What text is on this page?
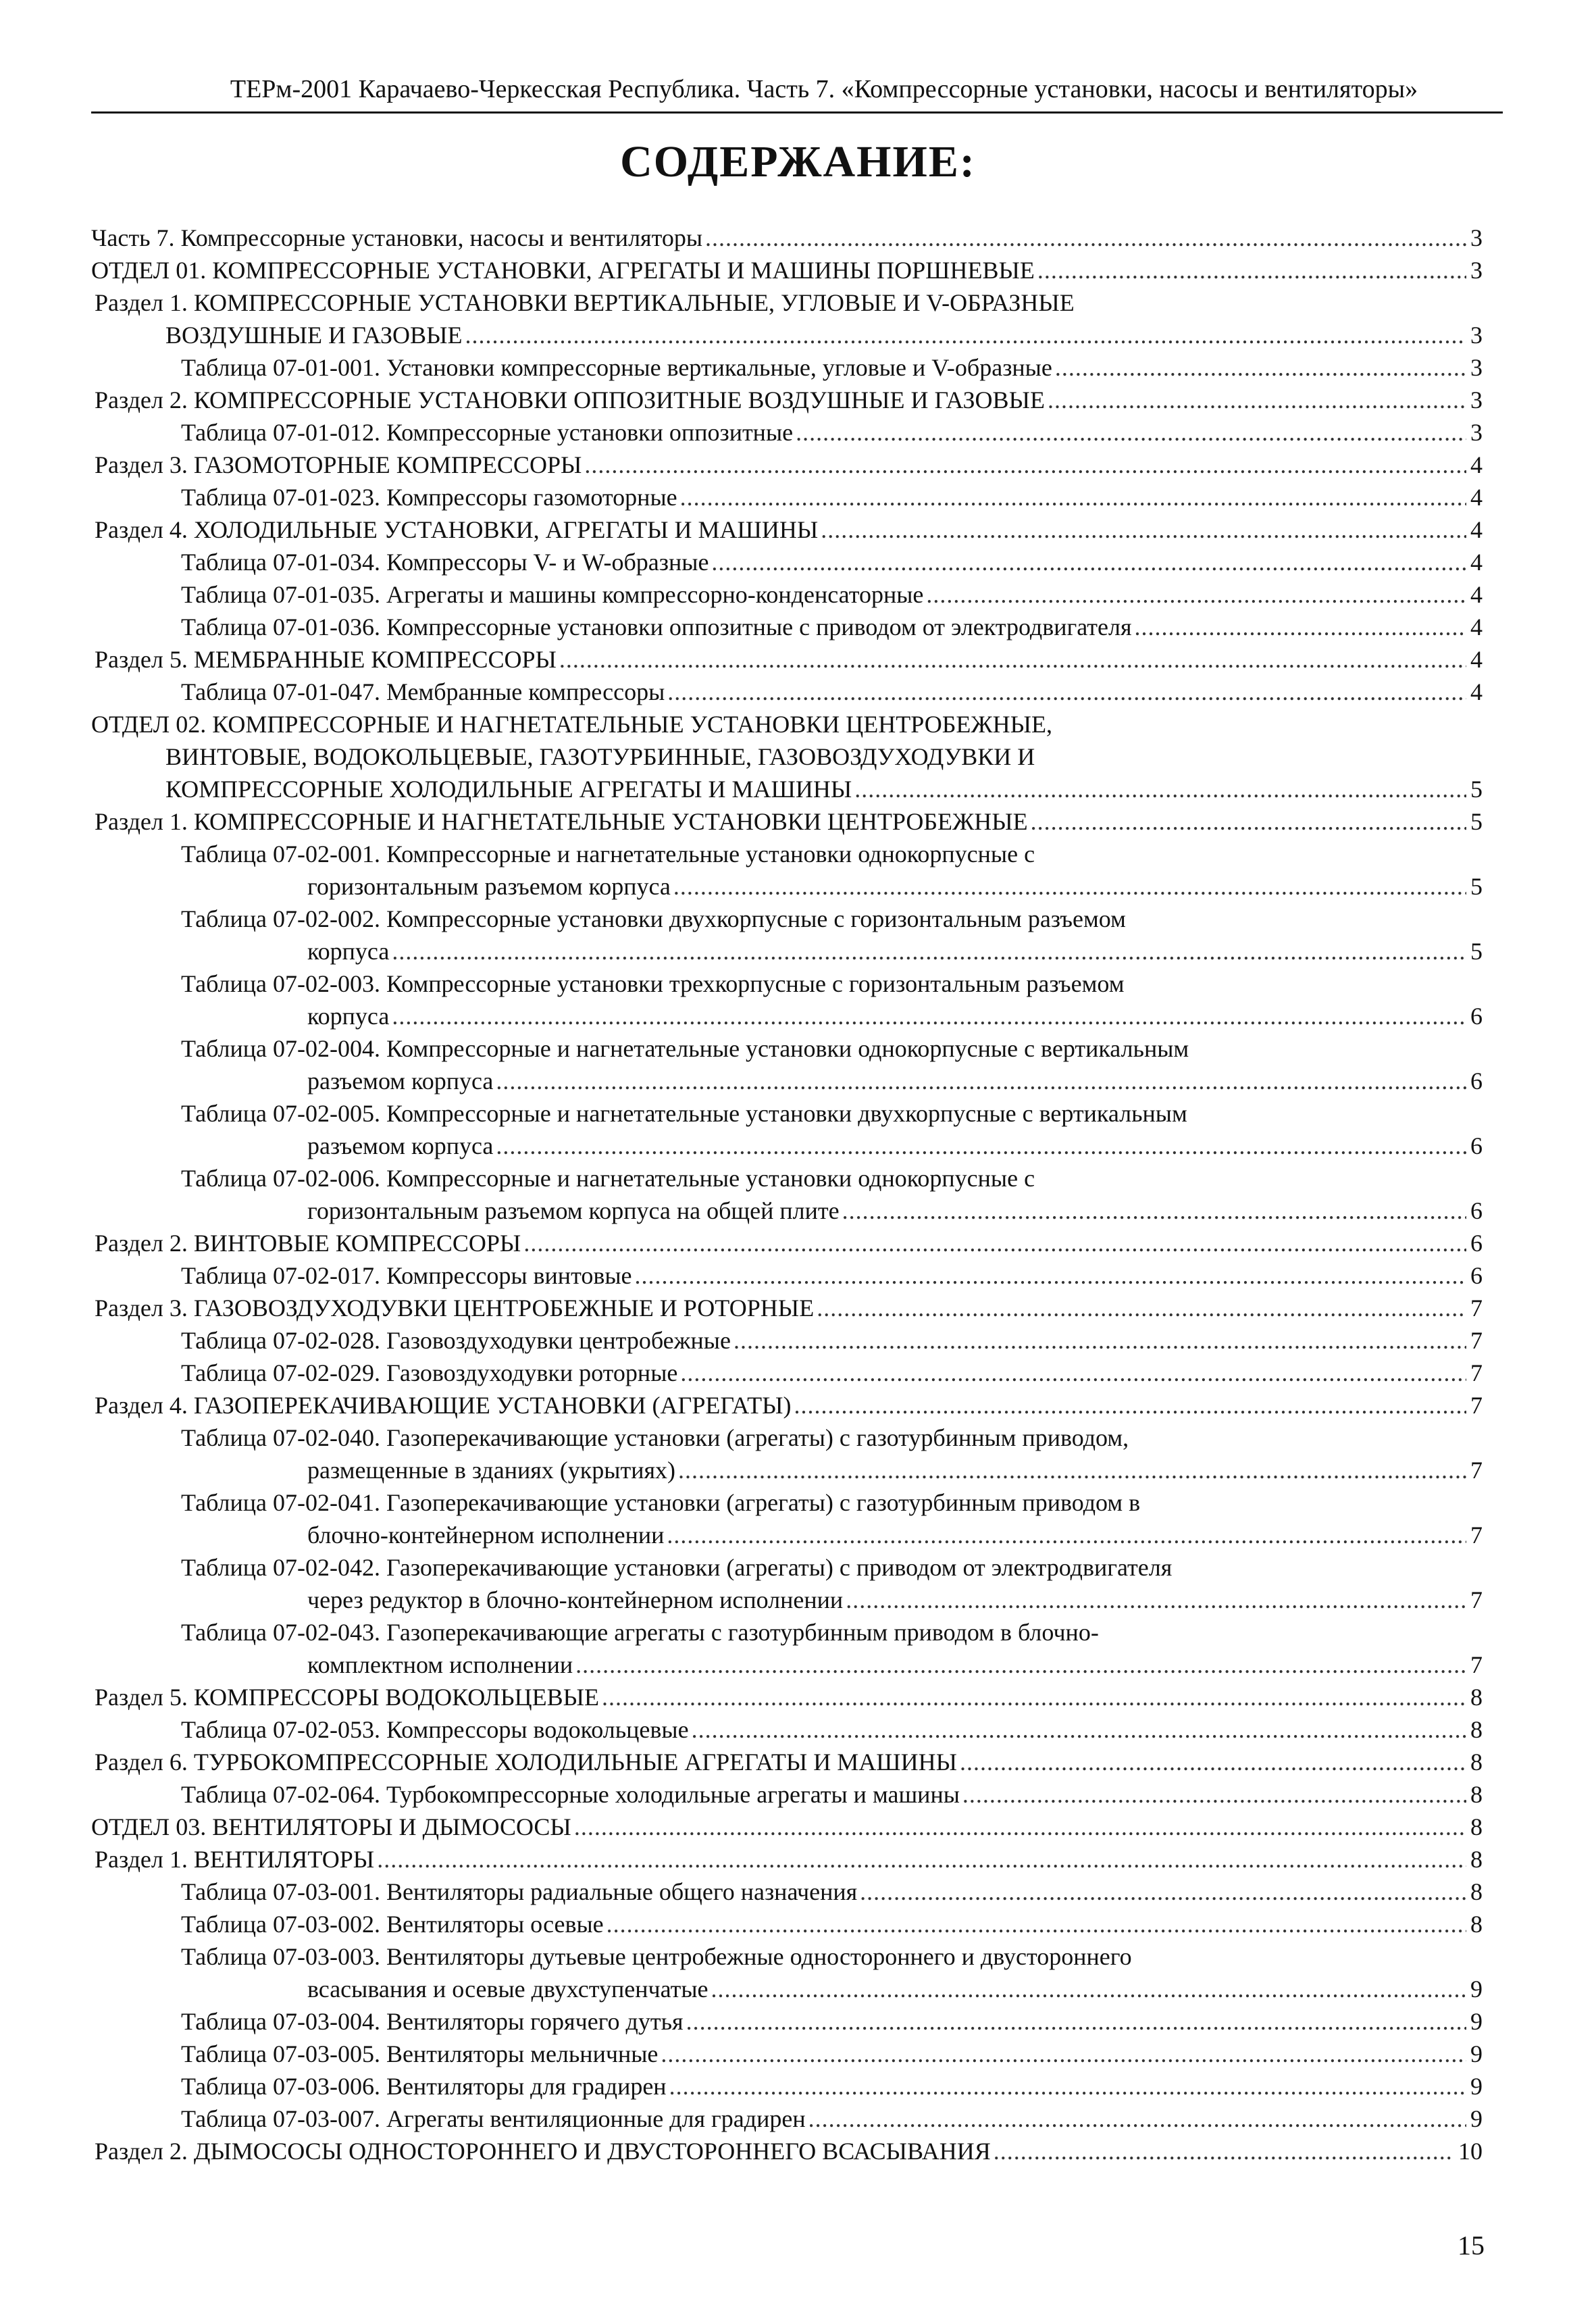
ТЕРм-2001 Карачаево-Черкесская Республика. Часть 7. «Компрессорные установки, насосы и вентиляторы»
СОДЕРЖАНИЕ:
Часть 7. Компрессорные установки, насосы и вентиляторы . . .	3
ОТДЕЛ 01. КОМПРЕССОРНЫЕ УСТАНОВКИ, АГРЕГАТЫ И МАШИНЫ ПОРШНЕВЫЕ . . .	3
Раздел 1. КОМПРЕССОРНЫЕ УСТАНОВКИ ВЕРТИКАЛЬНЫЕ, УГЛОВЫЕ И V-ОБРАЗНЫЕ
ВОЗДУШНЫЕ И ГАЗОВЫЕ . . .	3
Таблица 07-01-001. Установки компрессорные вертикальные, угловые и V-образные . . .	3
Раздел 2. КОМПРЕССОРНЫЕ УСТАНОВКИ ОППОЗИТНЫЕ ВОЗДУШНЫЕ И ГАЗОВЫЕ . . .	3
Таблица 07-01-012. Компрессорные установки оппозитные . . .	3
Раздел 3. ГАЗОМОТОРНЫЕ КОМПРЕССОРЫ . . .	4
Таблица 07-01-023. Компрессоры газомоторные . . .	4
Раздел 4. ХОЛОДИЛЬНЫЕ УСТАНОВКИ, АГРЕГАТЫ И МАШИНЫ . . .	4
Таблица 07-01-034. Компрессоры V- и W-образные . . .	4
Таблица 07-01-035. Агрегаты и машины компрессорно-конденсаторные . . .	4
Таблица 07-01-036. Компрессорные установки оппозитные с приводом от электродвигателя . . .	4
Раздел 5. МЕМБРАННЫЕ КОМПРЕССОРЫ . . .	4
Таблица 07-01-047. Мембранные компрессоры . . .	4
ОТДЕЛ 02. КОМПРЕССОРНЫЕ И НАГНЕТАТЕЛЬНЫЕ УСТАНОВКИ ЦЕНТРОБЕЖНЫЕ,
ВИНТОВЫЕ, ВОДОКОЛЬЦЕВЫЕ, ГАЗОТУРБИННЫЕ, ГАЗОВОЗДУХОДУВКИ И
КОМПРЕССОРНЫЕ ХОЛОДИЛЬНЫЕ АГРЕГАТЫ И МАШИНЫ . . .	5
Раздел 1. КОМПРЕССОРНЫЕ И НАГНЕТАТЕЛЬНЫЕ УСТАНОВКИ ЦЕНТРОБЕЖНЫЕ . . .	5
Таблица 07-02-001. Компрессорные и нагнетательные установки однокорпусные с
горизонтальным разъемом корпуса . . .	5
Таблица 07-02-002. Компрессорные установки двухкорпусные с горизонтальным разъемом
корпуса . . .	5
Таблица 07-02-003. Компрессорные установки трехкорпусные с горизонтальным разъемом
корпуса . . .	6
Таблица 07-02-004. Компрессорные и нагнетательные установки однокорпусные с вертикальным
разъемом корпуса . . .	6
Таблица 07-02-005. Компрессорные и нагнетательные установки двухкорпусные с вертикальным
разъемом корпуса . . .	6
Таблица 07-02-006. Компрессорные и нагнетательные установки однокорпусные с
горизонтальным разъемом корпуса на общей плите . . .	6
Раздел 2. ВИНТОВЫЕ КОМПРЕССОРЫ . . .	6
Таблица 07-02-017. Компрессоры винтовые . . .	6
Раздел 3. ГАЗОВОЗДУХОДУВКИ ЦЕНТРОБЕЖНЫЕ И РОТОРНЫЕ . . .	7
Таблица 07-02-028. Газовоздуходувки центробежные . . .	7
Таблица 07-02-029. Газовоздуходувки роторные . . .	7
Раздел 4. ГАЗОПЕРЕКАЧИВАЮЩИЕ УСТАНОВКИ (АГРЕГАТЫ) . . .	7
Таблица 07-02-040. Газоперекачивающие установки (агрегаты) с газотурбинным приводом,
размещенные в зданиях (укрытиях) . . .	7
Таблица 07-02-041. Газоперекачивающие установки (агрегаты) с газотурбинным приводом в
блочно-контейнерном исполнении . . .	7
Таблица 07-02-042. Газоперекачивающие установки (агрегаты) с приводом от электродвигателя
через редуктор в блочно-контейнерном исполнении . . .	7
Таблица 07-02-043. Газоперекачивающие агрегаты с газотурбинным приводом в блочно-
комплектном исполнении . . .	7
Раздел 5. КОМПРЕССОРЫ ВОДОКОЛЬЦЕВЫЕ . . .	8
Таблица 07-02-053. Компрессоры водокольцевые . . .	8
Раздел 6. ТУРБОКОМПРЕССОРНЫЕ ХОЛОДИЛЬНЫЕ АГРЕГАТЫ И МАШИНЫ . . .	8
Таблица 07-02-064. Турбокомпрессорные холодильные агрегаты и машины . . .	8
ОТДЕЛ 03. ВЕНТИЛЯТОРЫ И ДЫМОСОСЫ . . .	8
Раздел 1. ВЕНТИЛЯТОРЫ . . .	8
Таблица 07-03-001. Вентиляторы радиальные общего назначения . . .	8
Таблица 07-03-002. Вентиляторы осевые . . .	8
Таблица 07-03-003. Вентиляторы дутьевые центробежные одностороннего и двустороннего
всасывания и осевые двухступенчатые . . .	9
Таблица 07-03-004. Вентиляторы горячего дутья . . .	9
Таблица 07-03-005. Вентиляторы мельничные . . .	9
Таблица 07-03-006. Вентиляторы для градирен . . .	9
Таблица 07-03-007. Агрегаты вентиляционные для градирен . . .	9
Раздел 2. ДЫМОСОСЫ ОДНОСТОРОННЕГО И ДВУСТОРОННЕГО ВСАСЫВАНИЯ . . .	10
15
